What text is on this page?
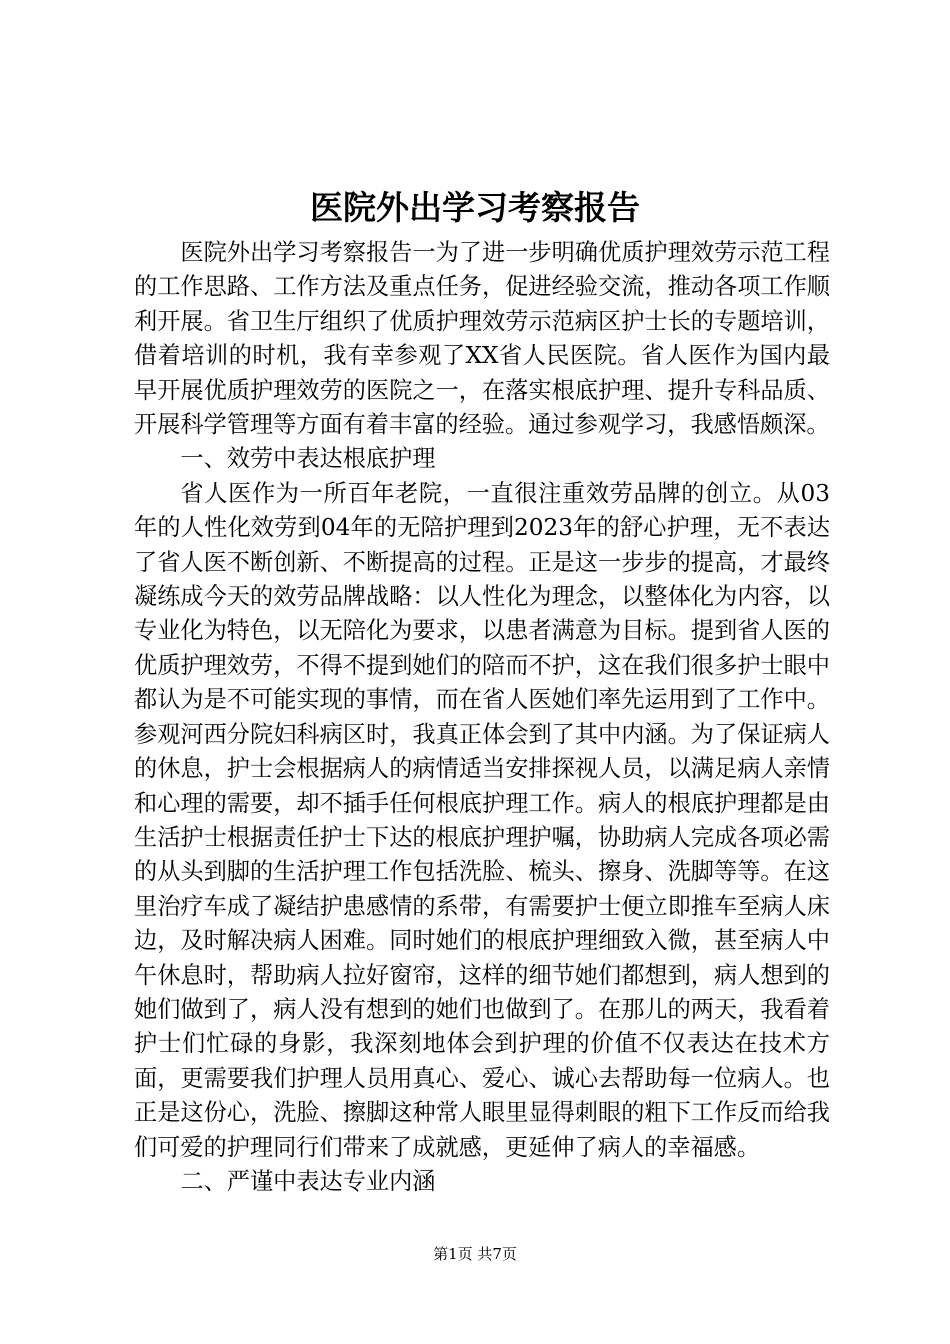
医院外出学习考察报告

医院外出学习考察报告一为了进一步明确优质护理效劳示范工程的工作思路、工作方法及重点任务，促进经验交流，推动各项工作顺利开展。省卫生厅组织了优质护理效劳示范病区护士长的专题培训，借着培训的时机，我有幸参观了XX省人民医院。省人医作为国内最早开展优质护理效劳的医院之一，在落实根底护理、提升专科品质、开展科学管理等方面有着丰富的经验。通过参观学习，我感悟颇深。

一、效劳中表达根底护理

省人医作为一所百年老院，一直很注重效劳品牌的创立。从03年的人性化效劳到04年的无陪护理到2023年的舒心护理，无不表达了省人医不断创新、不断提高的过程。正是这一步步的提高，才最终凝练成今天的效劳品牌战略：以人性化为理念，以整体化为内容，以专业化为特色，以无陪化为要求，以患者满意为目标。提到省人医的优质护理效劳，不得不提到她们的陪而不护，这在我们很多护士眼中都认为是不可能实现的事情，而在省人医她们率先运用到了工作中。参观河西分院妇科病区时，我真正体会到了其中内涵。为了保证病人的休息，护士会根据病人的病情适当安排探视人员，以满足病人亲情和心理的需要，却不插手任何根底护理工作。病人的根底护理都是由生活护士根据责任护士下达的根底护理护嘱，协助病人完成各项必需的从头到脚的生活护理工作包括洗脸、梳头、擦身、洗脚等等。在这里治疗车成了凝结护患感情的系带，有需要护士便立即推车至病人床边，及时解决病人困难。同时她们的根底护理细致入微，甚至病人中午休息时，帮助病人拉好窗帘，这样的细节她们都想到，病人想到的她们做到了，病人没有想到的她们也做到了。在那儿的两天，我看着护士们忙碌的身影，我深刻地体会到护理的价值不仅表达在技术方面，更需要我们护理人员用真心、爱心、诚心去帮助每一位病人。也正是这份心，洗脸、擦脚这种常人眼里显得刺眼的粗下工作反而给我们可爱的护理同行们带来了成就感，更延伸了病人的幸福感。

二、严谨中表达专业内涵

第1页 共7页
